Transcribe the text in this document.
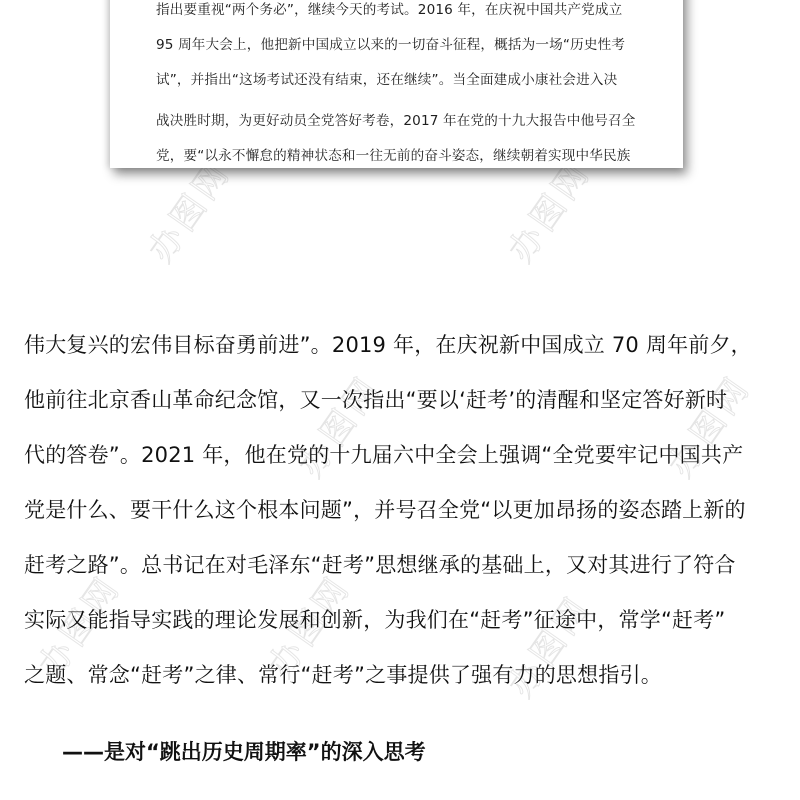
办图网	办图网
办图网	办图网
办图网	办图网	办图网
指出要重视“两个务必”，继续今天的考试。2016 年，在庆祝中国共产党成立
95 周年大会上，他把新中国成立以来的一切奋斗征程，概括为一场“历史性考
试”，并指出“这场考试还没有结束，还在继续”。当全面建成小康社会进入决
战决胜时期，为更好动员全党答好考卷，2017 年在党的十九大报告中他号召全
党，要“以永不懈怠的精神状态和一往无前的奋斗姿态，继续朝着实现中华民族
伟大复兴的宏伟目标奋勇前进”。2019 年，在庆祝新中国成立 70 周年前夕，
他前往北京香山革命纪念馆，又一次指出“要以‘赶考’的清醒和坚定答好新时
代的答卷”。2021 年，他在党的十九届六中全会上强调“全党要牢记中国共产
党是什么、要干什么这个根本问题”，并号召全党“以更加昂扬的姿态踏上新的
赶考之路”。总书记在对毛泽东“赶考”思想继承的基础上，又对其进行了符合
实际又能指导实践的理论发展和创新，为我们在“赶考”征途中，常学“赶考”
之题、常念“赶考”之律、常行“赶考”之事提供了强有力的思想指引。
——是对“跳出历史周期率”的深入思考
